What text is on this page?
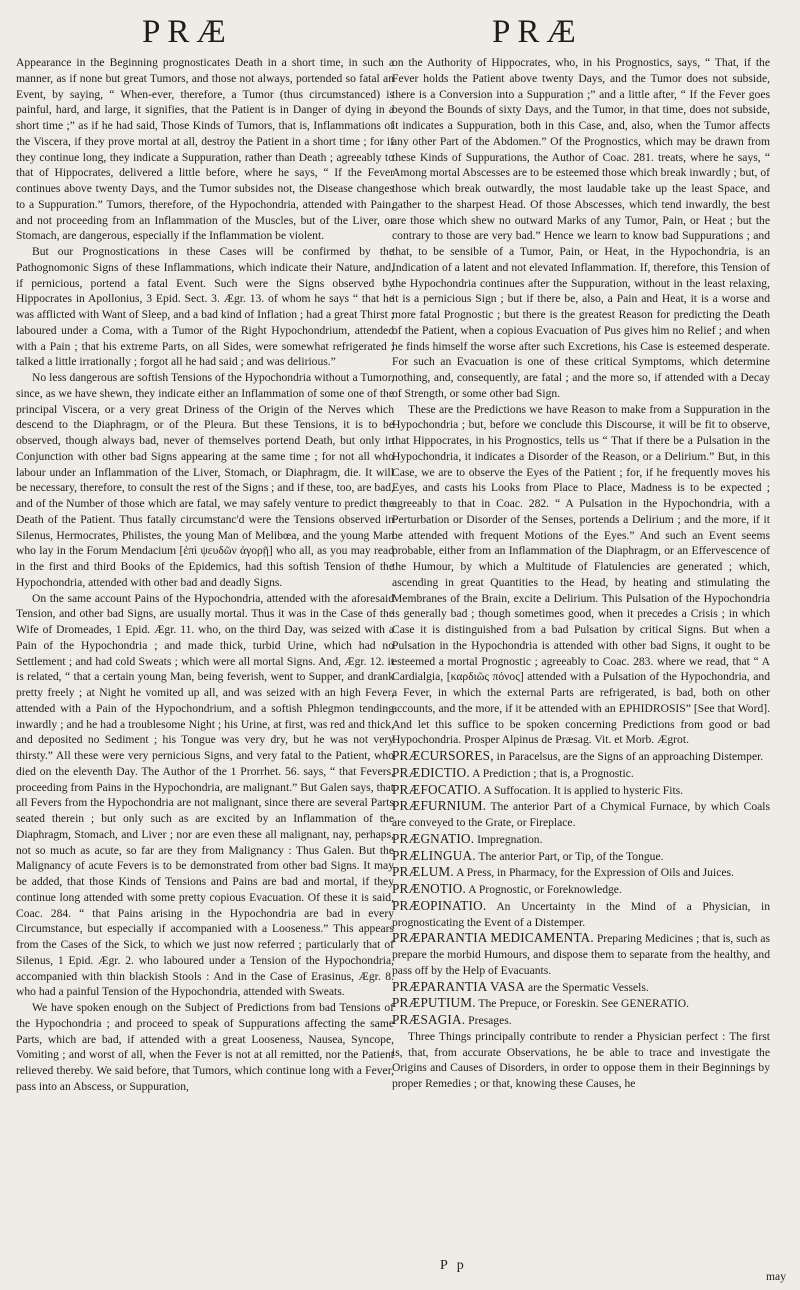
PRÆ	PRÆ

Appearance in the Beginning prognosticates Death in a short time, in such a manner, as if none but great Tumors, and those not always, portended so fatal an Event, by saying, “ When-ever, therefore, a Tumor (thus circumstanced) is painful, hard, and large, it signifies, that the Patient is in Danger of dying in a short time ;” as if he had said, Those Kinds of Tumors, that is, Inflammations of the Viscera, if they prove mortal at all, destroy the Patient in a short time ; for if they continue long, they indicate a Suppuration, rather than Death ; agreeably to that of Hippocrates, delivered a little before, where he says, “ If the Fever continues above twenty Days, and the Tumor subsides not, the Disease changes to a Suppuration.” Tumors, therefore, of the Hypochondria, attended with Pain, and not proceeding from an Inflammation of the Muscles, but of the Liver, or Stomach, are dangerous, especially if the Inflammation be violent.

But our Prognostications in these Cases will be confirmed by the Pathognomonic Signs of these Inflammations, which indicate their Nature, and, if pernicious, portend a fatal Event. Such were the Signs observed by Hippocrates in Apollonius, 3 Epid. Sect. 3. Ægr. 13. of whom he says “ that he was afflicted with Want of Sleep, and a bad kind of Inflation ; had a great Thirst ; laboured under a Coma, with a Tumor of the Right Hypochondrium, attended with a Pain ; that his extreme Parts, on all Sides, were somewhat refrigerated ; talked a little irrationally ; forgot all he had said ; and was delirious.”

No less dangerous are softish Tensions of the Hypochondria without a Tumor, since, as we have shewn, they indicate either an Inflammation of some one of the principal Viscera, or a very great Driness of the Origin of the Nerves which descend to the Diaphragm, or of the Pleura. But these Tensions, it is to be observed, though always bad, never of themselves portend Death, but only in Conjunction with other bad Signs appearing at the same time ; for not all who labour under an Inflammation of the Liver, Stomach, or Diaphragm, die. It will be necessary, therefore, to consult the rest of the Signs ; and if these, too, are bad, and of the Number of those which are fatal, we may safely venture to predict the Death of the Patient. Thus fatally circumstanc'd were the Tensions observed in Silenus, Hermocrates, Philistes, the young Man of Melibœa, and the young Man who lay in the Forum Mendacium [ἐπὶ ψευδῶν ἀγορῇ] who all, as you may read in the first and third Books of the Epidemics, had this softish Tension of the Hypochondria, attended with other bad and deadly Signs.

On the same account Pains of the Hypochondria, attended with the aforesaid Tension, and other bad Signs, are usually mortal. Thus it was in the Case of the Wife of Dromeades, 1 Epid. Ægr. 11. who, on the third Day, was seized with a Pain of the Hypochondria ; and made thick, turbid Urine, which had no Settlement ; and had cold Sweats ; which were all mortal Signs. And, Ægr. 12. it is related, “ that a certain young Man, being feverish, went to Supper, and drank pretty freely ; at Night he vomited up all, and was seized with an high Fever, attended with a Pain of the Hypochondrium, and a softish Phlegmon tending inwardly ; and he had a troublesome Night ; his Urine, at first, was red and thick, and deposited no Sediment ; his Tongue was very dry, but he was not very thirsty.” All these were very pernicious Signs, and very fatal to the Patient, who died on the eleventh Day. The Author of the 1 Prorrhet. 56. says, “ that Fevers, proceeding from Pains in the Hypochondria, are malignant.” But Galen says, that all Fevers from the Hypochondria are not malignant, since there are several Parts seated therein ; but only such as are excited by an Inflammation of the Diaphragm, Stomach, and Liver ; nor are even these all malignant, nay, perhaps, not so much as acute, so far are they from Malignancy : Thus Galen. But the Malignancy of acute Fevers is to be demonstrated from other bad Signs. It may be added, that those Kinds of Tensions and Pains are bad and mortal, if they continue long attended with some pretty copious Evacuation. Of these it is said, Coac. 284. “ that Pains arising in the Hypochondria are bad in every Circumstance, but especially if accompanied with a Looseness.” This appears from the Cases of the Sick, to which we just now referred ; particularly that of Silenus, 1 Epid. Ægr. 2. who laboured under a Tension of the Hypochondria, accompanied with thin blackish Stools : And in the Case of Erasinus, Ægr. 8. who had a painful Tension of the Hypochondria, attended with Sweats.

We have spoken enough on the Subject of Predictions from bad Tensions of the Hypochondria ; and proceed to speak of Suppurations affecting the same Parts, which are bad, if attended with a great Looseness, Nausea, Syncope, Vomiting ; and worst of all, when the Fever is not at all remitted, nor the Patient relieved thereby. We said before, that Tumors, which continue long with a Fever, pass into an Abscess, or Suppuration,

on the Authority of Hippocrates, who, in his Prognostics, says, “ That, if the Fever holds the Patient above twenty Days, and the Tumor does not subside, there is a Conversion into a Suppuration ;” and a little after, “ If the Fever goes beyond the Bounds of sixty Days, and the Tumor, in that time, does not subside, it indicates a Suppuration, both in this Case, and, also, when the Tumor affects any other Part of the Abdomen.” Of the Prognostics, which may be drawn from these Kinds of Suppurations, the Author of Coac. 281. treats, where he says, “ Among mortal Abscesses are to be esteemed those which break inwardly ; but, of those which break outwardly, the most laudable take up the least Space, and gather to the sharpest Head. Of those Abscesses, which tend inwardly, the best are those which shew no outward Marks of any Tumor, Pain, or Heat ; but the contrary to those are very bad.” Hence we learn to know bad Suppurations ; and that, to be sensible of a Tumor, Pain, or Heat, in the Hypochondria, is an Indication of a latent and not elevated Inflammation. If, therefore, this Tension of the Hypochondria continues after the Suppuration, without in the least relaxing, it is a pernicious Sign ; but if there be, also, a Pain and Heat, it is a worse and more fatal Prognostic ; but there is the greatest Reason for predicting the Death of the Patient, when a copious Evacuation of Pus gives him no Relief ; and when he finds himself the worse after such Excretions, his Case is esteemed desperate. For such an Evacuation is one of these critical Symptoms, which determine nothing, and, consequently, are fatal ; and the more so, if attended with a Decay of Strength, or some other bad Sign.

These are the Predictions we have Reason to make from a Suppuration in the Hypochondria ; but, before we conclude this Discourse, it will be fit to observe, that Hippocrates, in his Prognostics, tells us “ That if there be a Pulsation in the Hypochondria, it indicates a Disorder of the Reason, or a Delirium.” But, in this Case, we are to observe the Eyes of the Patient ; for, if he frequently moves his Eyes, and casts his Looks from Place to Place, Madness is to be expected ; agreeably to that in Coac. 282. “ A Pulsation in the Hypochondria, with a Perturbation or Disorder of the Senses, portends a Delirium ; and the more, if it be attended with frequent Motions of the Eyes.” And such an Event seems probable, either from an Inflammation of the Diaphragm, or an Effervescence of the Humour, by which a Multitude of Flatulencies are generated ; which, ascending in great Quantities to the Head, by heating and stimulating the Membranes of the Brain, excite a Delirium. This Pulsation of the Hypochondria is generally bad ; though sometimes good, when it precedes a Crisis ; in which Case it is distinguished from a bad Pulsation by critical Signs. But when a Pulsation in the Hypochondria is attended with other bad Signs, it ought to be esteemed a mortal Prognostic ; agreeably to Coac. 283. where we read, that “ A Cardialgia, [καρδιῶς πόνος] attended with a Pulsation of the Hypochondria, and a Fever, in which the external Parts are refrigerated, is bad, both on other accounts, and the more, if it be attended with an EPHIDROSIS” [See that Word]. And let this suffice to be spoken concerning Predictions from good or bad Hypochondria. Prosper Alpinus de Præsag. Vit. et Morb. Ægrot.

PRÆCURSORES, in Paracelsus, are the Signs of an approaching Distemper.

PRÆDICTIO. A Prediction ; that is, a Prognostic.

PRÆFOCATIO. A Suffocation. It is applied to hysteric Fits.

PRÆFURNIUM. The anterior Part of a Chymical Furnace, by which Coals are conveyed to the Grate, or Fireplace.

PRÆGNATIO. Impregnation.

PRÆLINGUA. The anterior Part, or Tip, of the Tongue.

PRÆLUM. A Press, in Pharmacy, for the Expression of Oils and Juices.

PRÆNOTIO. A Prognostic, or Foreknowledge.

PRÆOPINATIO. An Uncertainty in the Mind of a Physician, in prognosticating the Event of a Distemper.

PRÆPARANTIA MEDICAMENTA. Preparing Medicines ; that is, such as prepare the morbid Humours, and dispose them to separate from the healthy, and pass off by the Help of Evacuants.

PRÆPARANTIA VASA are the Spermatic Vessels.

PRÆPUTIUM. The Prepuce, or Foreskin. See GENERATIO.

PRÆSAGIA. Presages.

Three Things principally contribute to render a Physician perfect : The first is, that, from accurate Observations, he be able to trace and investigate the Origins and Causes of Disorders, in order to oppose them in their Beginnings by proper Remedies ; or that, knowing these Causes, he

P p
may
